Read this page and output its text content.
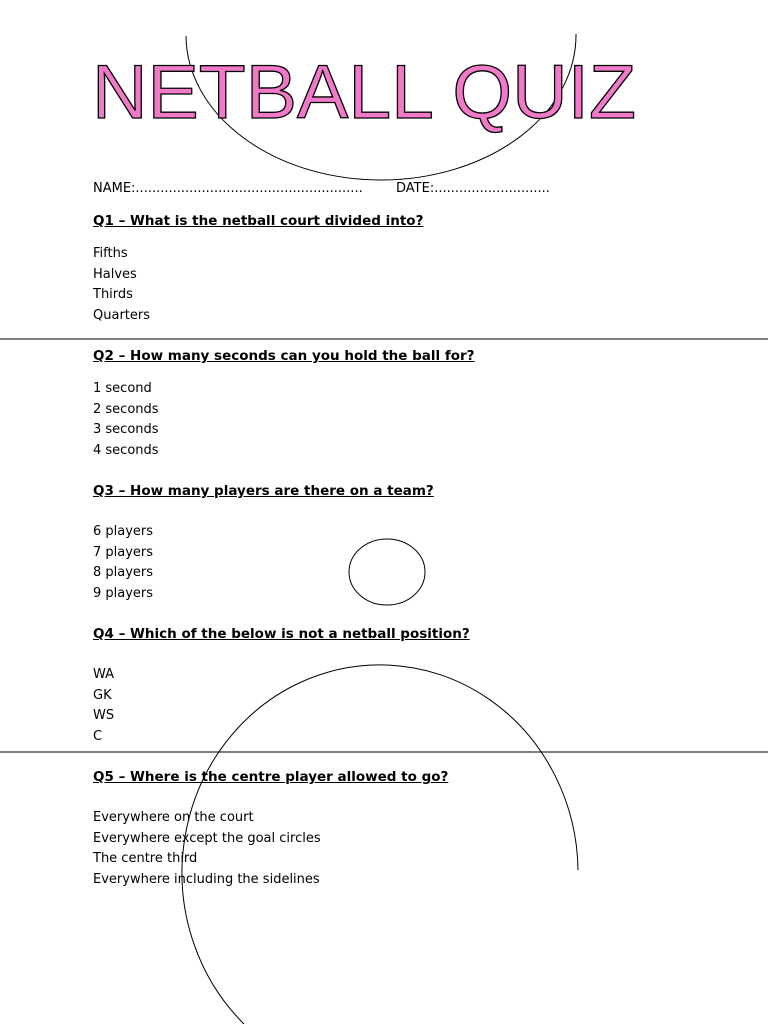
NETBALL QUIZ
NAME:.......................................................	DATE:............................
Q1 – What is the netball court divided into?
Fifths
Halves
Thirds
Quarters
Q2 – How many seconds can you hold the ball for?
1 second
2 seconds
3 seconds
4 seconds
Q3 – How many players are there on a team?
6 players
7 players
8 players
9 players
Q4 – Which of the below is not a netball position?
WA
GK
WS
C
Q5 – Where is the centre player allowed to go?
Everywhere on the court
Everywhere except the goal circles
The centre third
Everywhere including the sidelines
